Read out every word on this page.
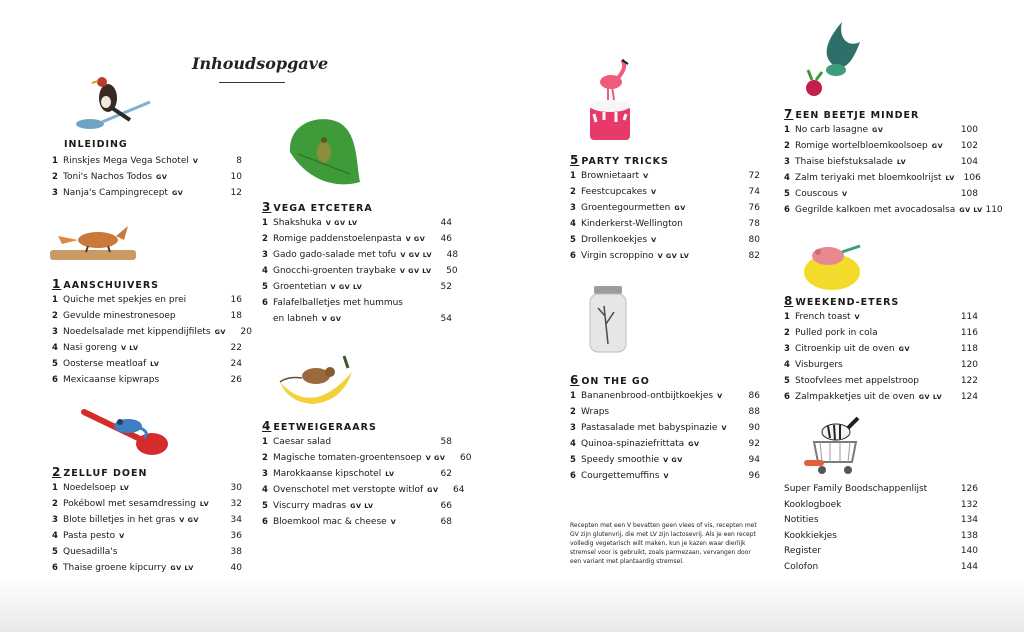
Inhoudsopgave
INLEIDING
1 Rinskjes Mega Vega Schotel V	8
2 Toni's Nachos Todos GV	10
3 Nanja's Campingrecept GV	12
1 AANSCHUIVERS
1 Quiche met spekjes en prei	16
2 Gevulde minestronesoep	18
3 Noedelsalade met kippendijfilets GV	20
4 Nasi goreng V LV	22
5 Oosterse meatloaf LV	24
6 Mexicaanse kipwraps	26
2 ZELLUF DOEN
1 Noedelsoep LV	30
2 Pokébowl met sesamdressing LV	32
3 Blote billetjes in het gras V GV	34
4 Pasta pesto V	36
5 Quesadilla's	38
6 Thaise groene kipcurry GV LV	40
3 VEGA ETCETERA
1 Shakshuka V GV LV	44
2 Romige paddenstoelenpasta V GV	46
3 Gado gado-salade met tofu V GV LV	48
4 Gnocchi-groenten traybake V GV LV	50
5 Groentetian V GV LV	52
6 Falafelballetjes met hummus
en labneh V GV	54
4 EETWEIGERAARS
1 Caesar salad	58
2 Magische tomaten-groentensoep V GV	60
3 Marokkaanse kipschotel LV	62
4 Ovenschotel met verstopte witlof GV	64
5 Viscurry madras GV LV	66
6 Bloemkool mac & cheese V	68
5 PARTY TRICKS
1 Brownietaart V	72
2 Feestcupcakes V	74
3 Groentegourmetten GV	76
4 Kinderkerst-Wellington	78
5 Drollenkoekjes V	80
6 Virgin scroppino V GV LV	82
6 ON THE GO
1 Bananenbrood-ontbijtkoekjes V	86
2 Wraps	88
3 Pastasalade met babyspinazie V	90
4 Quinoa-spinaziefrittata GV	92
5 Speedy smoothie V GV	94
6 Courgettemuffins V	96
Recepten met een V bevatten geen vlees of vis, recepten met GV zijn glutenvrij, die met LV zijn lactosevrij. Als je een recept volledig vegetarisch wilt maken, kun je kazen waar dierlijk stremsel voor is gebruikt, zoals parmezaan, vervangen door een variant met plantaardig stremsel.
7 EEN BEETJE MINDER
1 No carb lasagne GV	100
2 Romige wortelbloemkoolsoep GV	102
3 Thaise biefstuksalade LV	104
4 Zalm teriyaki met bloemkoolrijst LV 106
5 Couscous V	108
6 Gegrilde kalkoen met avocadosalsa GV LV 110
8 WEEKEND-ETERS
1 French toast V	114
2 Pulled pork in cola	116
3 Citroenkip uit de oven GV	118
4 Visburgers	120
5 Stoofvlees met appelstroop	122
6 Zalmpakketjes uit de oven GV LV	124
Super Family Boodschappenlijst	126
Kooklogboek	132
Notities	134
Kookkiekjes	138
Register	140
Colofon	144
